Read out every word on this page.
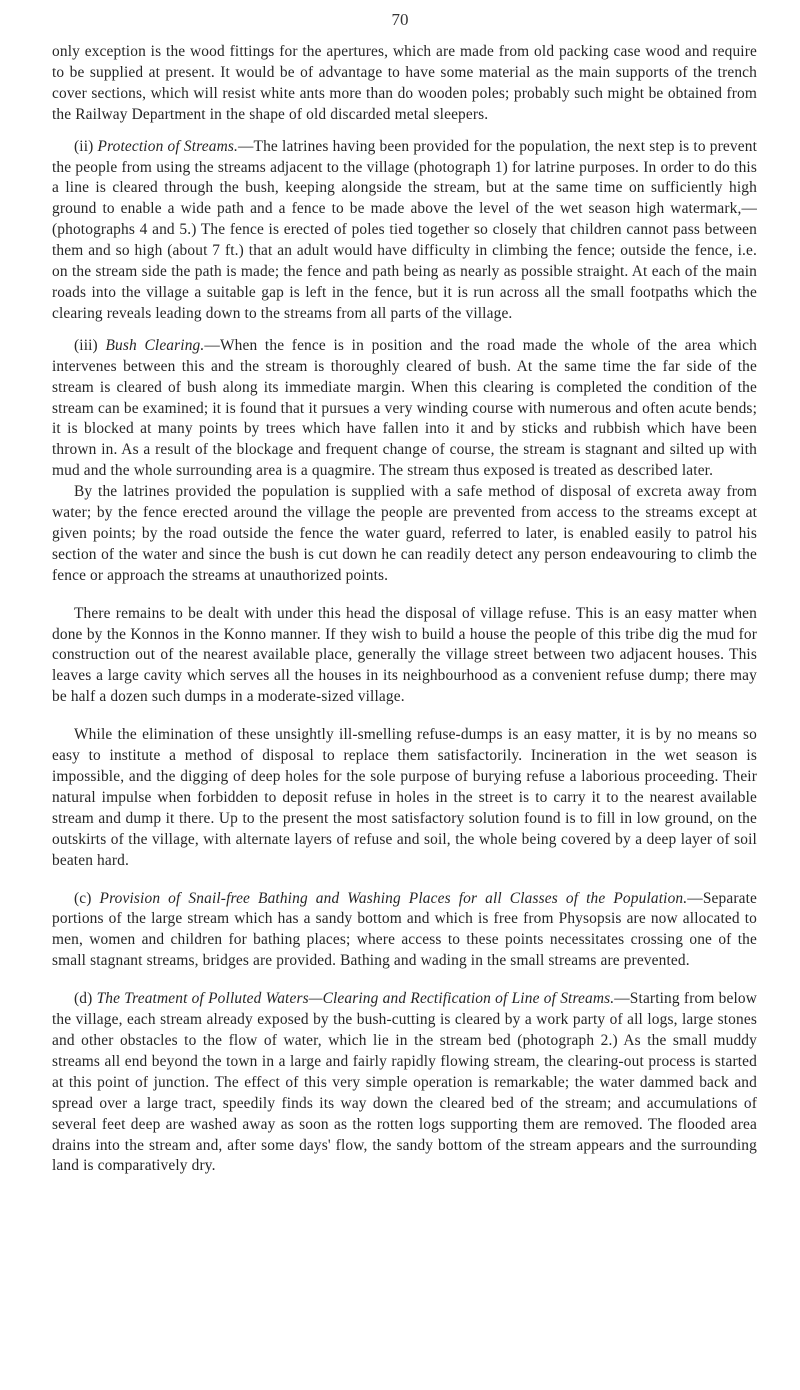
70

only exception is the wood fittings for the apertures, which are made from old packing case wood and require to be supplied at present. It would be of advantage to have some material as the main supports of the trench cover sections, which will resist white ants more than do wooden poles; probably such might be obtained from the Railway Department in the shape of old discarded metal sleepers.

(ii) Protection of Streams.—The latrines having been provided for the population, the next step is to prevent the people from using the streams adjacent to the village (photograph 1) for latrine purposes. In order to do this a line is cleared through the bush, keeping alongside the stream, but at the same time on sufficiently high ground to enable a wide path and a fence to be made above the level of the wet season high watermark,—(photographs 4 and 5.) The fence is erected of poles tied together so closely that children cannot pass between them and so high (about 7 ft.) that an adult would have difficulty in climbing the fence; outside the fence, i.e. on the stream side the path is made; the fence and path being as nearly as possible straight. At each of the main roads into the village a suitable gap is left in the fence, but it is run across all the small footpaths which the clearing reveals leading down to the streams from all parts of the village.

(iii) Bush Clearing.—When the fence is in position and the road made the whole of the area which intervenes between this and the stream is thoroughly cleared of bush. At the same time the far side of the stream is cleared of bush along its immediate margin. When this clearing is completed the condition of the stream can be examined; it is found that it pursues a very winding course with numerous and often acute bends; it is blocked at many points by trees which have fallen into it and by sticks and rubbish which have been thrown in. As a result of the blockage and frequent change of course, the stream is stagnant and silted up with mud and the whole surrounding area is a quagmire. The stream thus exposed is treated as described later.

By the latrines provided the population is supplied with a safe method of disposal of excreta away from water; by the fence erected around the village the people are prevented from access to the streams except at given points; by the road outside the fence the water guard, referred to later, is enabled easily to patrol his section of the water and since the bush is cut down he can readily detect any person endeavouring to climb the fence or approach the streams at unauthorized points.

There remains to be dealt with under this head the disposal of village refuse. This is an easy matter when done by the Konnos in the Konno manner. If they wish to build a house the people of this tribe dig the mud for construction out of the nearest available place, generally the village street between two adjacent houses. This leaves a large cavity which serves all the houses in its neighbourhood as a convenient refuse dump; there may be half a dozen such dumps in a moderate-sized village.

While the elimination of these unsightly ill-smelling refuse-dumps is an easy matter, it is by no means so easy to institute a method of disposal to replace them satisfactorily. Incineration in the wet season is impossible, and the digging of deep holes for the sole purpose of burying refuse a laborious proceeding. Their natural impulse when forbidden to deposit refuse in holes in the street is to carry it to the nearest available stream and dump it there. Up to the present the most satisfactory solution found is to fill in low ground, on the outskirts of the village, with alternate layers of refuse and soil, the whole being covered by a deep layer of soil beaten hard.

(c) Provision of Snail-free Bathing and Washing Places for all Classes of the Population.—Separate portions of the large stream which has a sandy bottom and which is free from Physopsis are now allocated to men, women and children for bathing places; where access to these points necessitates crossing one of the small stagnant streams, bridges are provided. Bathing and wading in the small streams are prevented.

(d) The Treatment of Polluted Waters—Clearing and Rectification of Line of Streams.—Starting from below the village, each stream already exposed by the bush-cutting is cleared by a work party of all logs, large stones and other obstacles to the flow of water, which lie in the stream bed (photograph 2.) As the small muddy streams all end beyond the town in a large and fairly rapidly flowing stream, the clearing-out process is started at this point of junction. The effect of this very simple operation is remarkable; the water dammed back and spread over a large tract, speedily finds its way down the cleared bed of the stream; and accumulations of several feet deep are washed away as soon as the rotten logs supporting them are removed. The flooded area drains into the stream and, after some days' flow, the sandy bottom of the stream appears and the surrounding land is comparatively dry.
